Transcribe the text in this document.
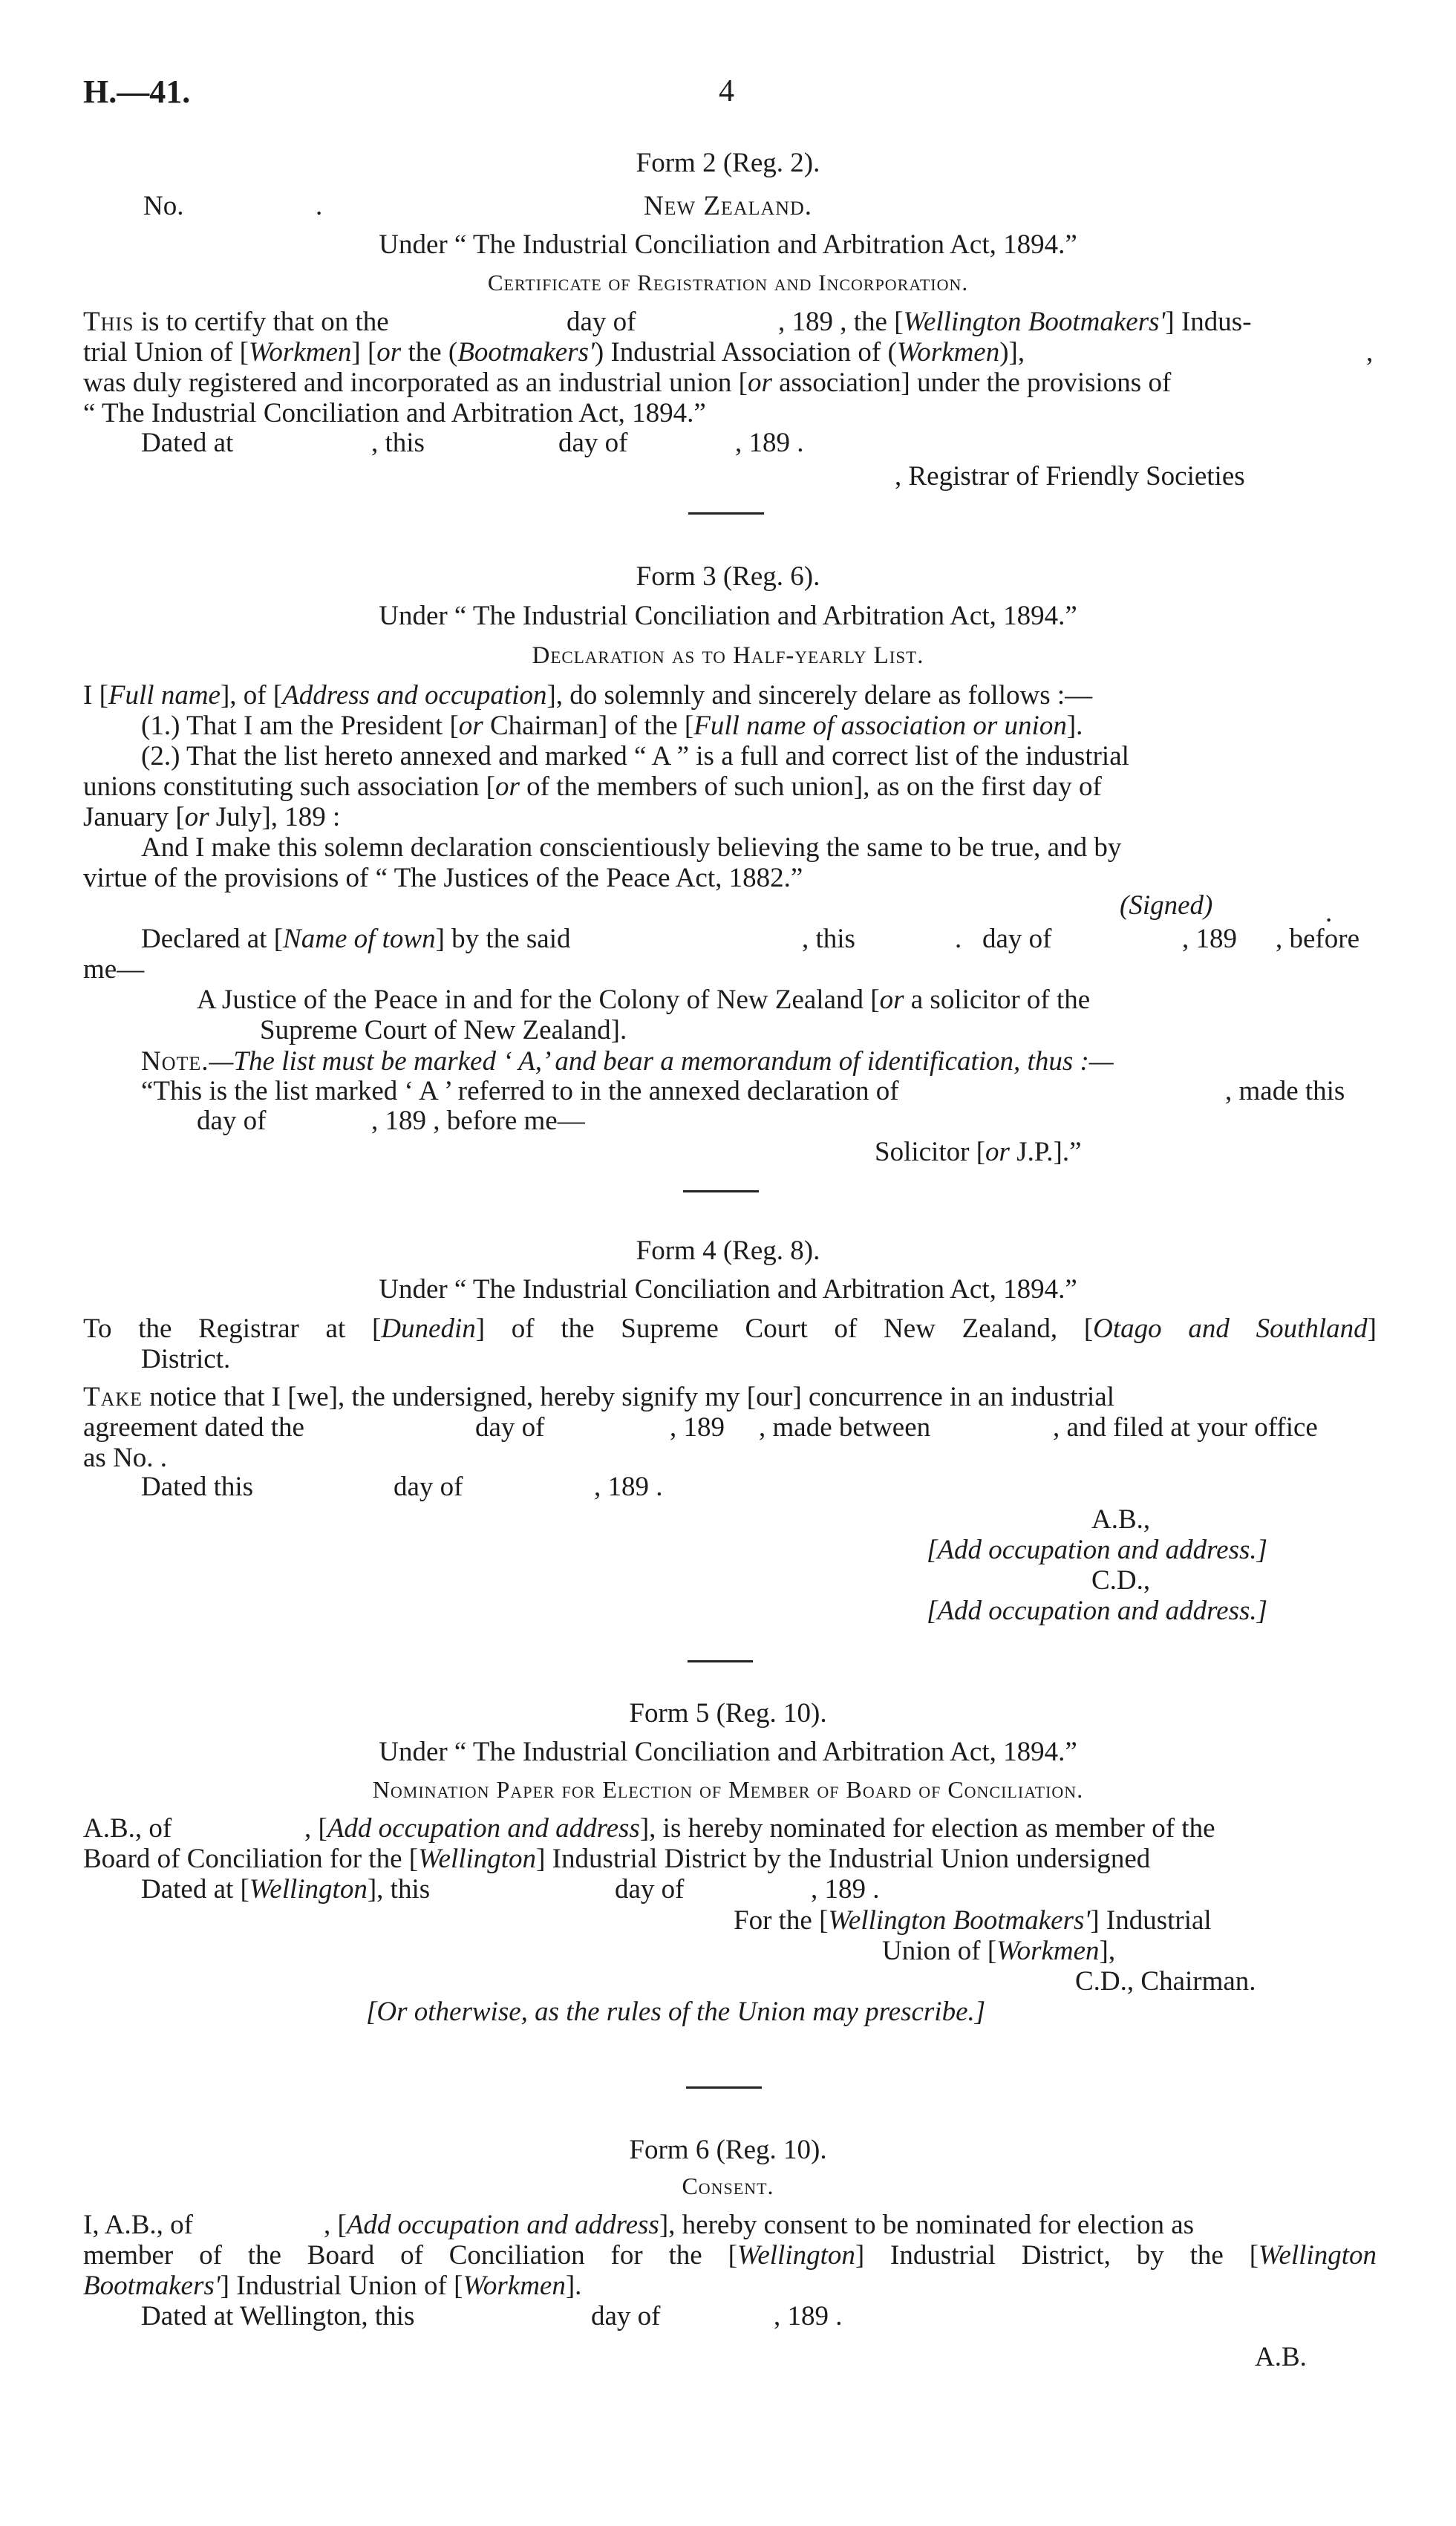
H.—41.	4
Form 2 (Reg. 2).
No.	.	New Zealand.
Under “ The Industrial Conciliation and Arbitration Act, 1894.”
Certificate of Registration and Incorporation.
This is to certify that on the	day of	, 189 , the [Wellington Bootmakers'] Indus-
trial Union of [Workmen] [or the (Bootmakers') Industrial Association of (Workmen)],	,
was duly registered and incorporated as an industrial union [or association] under the provisions of
“ The Industrial Conciliation and Arbitration Act, 1894.”
Dated at	, this	day of	, 189 .
, Registrar of Friendly Societies
Form 3 (Reg. 6).
Under “ The Industrial Conciliation and Arbitration Act, 1894.”
Declaration as to Half-yearly List.
I [Full name], of [Address and occupation], do solemnly and sincerely delare as follows :—
(1.) That I am the President [or Chairman] of the [Full name of association or union].
(2.) That the list hereto annexed and marked “ A ” is a full and correct list of the industrial
unions constituting such association [or of the members of such union], as on the first day of
January [or July], 189 :
And I make this solemn declaration conscientiously believing the same to be true, and by
virtue of the provisions of “ The Justices of the Peace Act, 1882.”
(Signed)	.
Declared at [Name of town] by the said	, this	. day of	, 189 , before
me—
A Justice of the Peace in and for the Colony of New Zealand [or a solicitor of the
Supreme Court of New Zealand].
Note.—The list must be marked ‘ A,’ and bear a memorandum of identification, thus :—
“This is the list marked ‘ A ’ referred to in the annexed declaration of	, made this
day of	, 189 , before me—
Solicitor [or J.P.].”
Form 4 (Reg. 8).
Under “ The Industrial Conciliation and Arbitration Act, 1894.”
To the Registrar at [Dunedin] of the Supreme Court of New Zealand, [Otago and Southland]
District.
Take notice that I [we], the undersigned, hereby signify my [our] concurrence in an industrial
agreement dated the	day of	, 189 , made between	, and filed at your office
as No. .
Dated this	day of	, 189 .
A.B.,
[Add occupation and address.]
C.D.,
[Add occupation and address.]
Form 5 (Reg. 10).
Under “ The Industrial Conciliation and Arbitration Act, 1894.”
Nomination Paper for Election of Member of Board of Conciliation.
A.B., of	, [Add occupation and address], is hereby nominated for election as member of the
Board of Conciliation for the [Wellington] Industrial District by the Industrial Union undersigned
Dated at [Wellington], this	day of	, 189 .
For the [Wellington Bootmakers'] Industrial
Union of [Workmen],
C.D., Chairman.
[Or otherwise, as the rules of the Union may prescribe.]
Form 6 (Reg. 10).
Consent.
I, A.B., of	, [Add occupation and address], hereby consent to be nominated for election as
member of the Board of Conciliation for the [Wellington] Industrial District, by the [Wellington
Bootmakers'] Industrial Union of [Workmen].
Dated at Wellington, this	day of	, 189 .
A.B.
